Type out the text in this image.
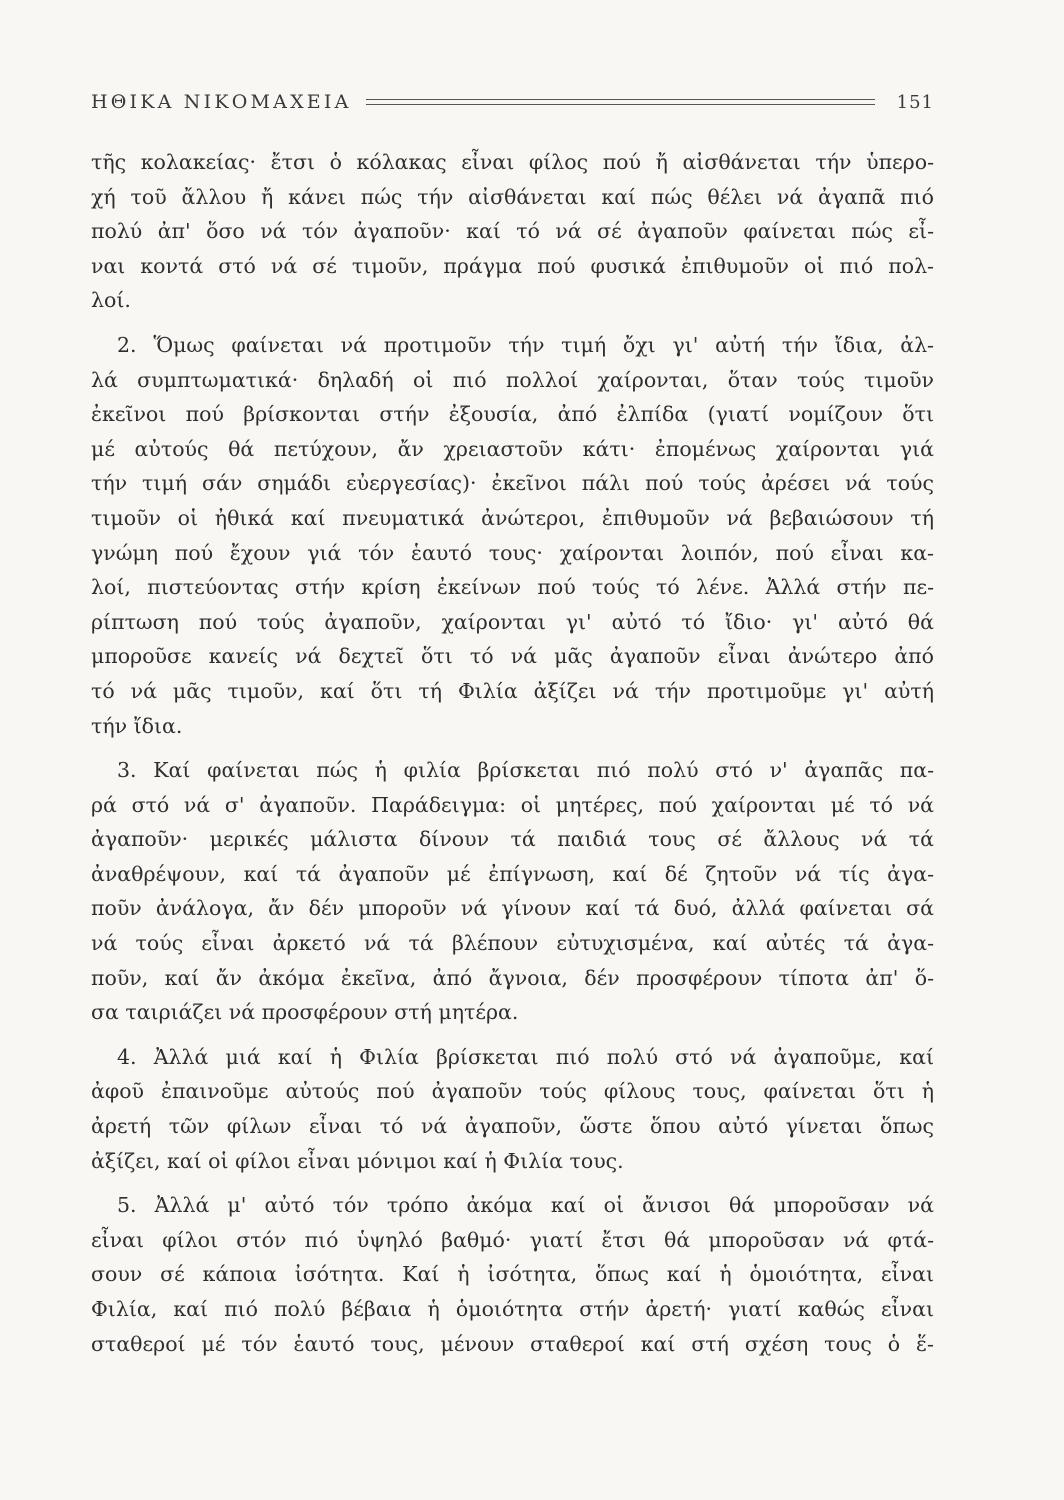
ΗΘΙΚΑ ΝΙΚΟΜΑΧΕΙΑ	151
τῆς κολακείας· ἔτσι ὁ κόλακας εἶναι φίλος πού ἤ αἰσθάνεται τήν ὑπερο-
χή τοῦ ἄλλου ἤ κάνει πώς τήν αἰσθάνεται καί πώς θέλει νά ἀγαπᾶ πιό
πολύ ἀπ' ὅσο νά τόν ἀγαποῦν· καί τό νά σέ ἀγαποῦν φαίνεται πώς εἶ-
ναι κοντά στό νά σέ τιμοῦν, πράγμα πού φυσικά ἐπιθυμοῦν οἱ πιό πολ-
λοί.
2. Ὅμως φαίνεται νά προτιμοῦν τήν τιμή ὄχι γι' αὐτή τήν ἴδια, ἀλ-
λά συμπτωματικά· δηλαδή οἱ πιό πολλοί χαίρονται, ὅταν τούς τιμοῦν
ἐκεῖνοι πού βρίσκονται στήν ἐξουσία, ἀπό ἐλπίδα (γιατί νομίζουν ὅτι
μέ αὐτούς θά πετύχουν, ἄν χρειαστοῦν κάτι· ἐπομένως χαίρονται γιά
τήν τιμή σάν σημάδι εὐεργεσίας)· ἐκεῖνοι πάλι πού τούς ἀρέσει νά τούς
τιμοῦν οἱ ἠθικά καί πνευματικά ἀνώτεροι, ἐπιθυμοῦν νά βεβαιώσουν τή
γνώμη πού ἔχουν γιά τόν ἑαυτό τους· χαίρονται λοιπόν, πού εἶναι κα-
λοί, πιστεύοντας στήν κρίση ἐκείνων πού τούς τό λένε. Ἀλλά στήν πε-
ρίπτωση πού τούς ἀγαποῦν, χαίρονται γι' αὐτό τό ἴδιο· γι' αὐτό θά
μποροῦσε κανείς νά δεχτεῖ ὅτι τό νά μᾶς ἀγαποῦν εἶναι ἀνώτερο ἀπό
τό νά μᾶς τιμοῦν, καί ὅτι τή Φιλία ἀξίζει νά τήν προτιμοῦμε γι' αὐτή
τήν ἴδια.
3. Καί φαίνεται πώς ἡ φιλία βρίσκεται πιό πολύ στό ν' ἀγαπᾶς πα-
ρά στό νά σ' ἀγαποῦν. Παράδειγμα: οἱ μητέρες, πού χαίρονται μέ τό νά
ἀγαποῦν· μερικές μάλιστα δίνουν τά παιδιά τους σέ ἄλλους νά τά
ἀναθρέψουν, καί τά ἀγαποῦν μέ ἐπίγνωση, καί δέ ζητοῦν νά τίς ἀγα-
ποῦν ἀνάλογα, ἄν δέν μποροῦν νά γίνουν καί τά δυό, ἀλλά φαίνεται σά
νά τούς εἶναι ἀρκετό νά τά βλέπουν εὐτυχισμένα, καί αὐτές τά ἀγα-
ποῦν, καί ἄν ἀκόμα ἐκεῖνα, ἀπό ἄγνοια, δέν προσφέρουν τίποτα ἀπ' ὅ-
σα ταιριάζει νά προσφέρουν στή μητέρα.
4. Ἀλλά μιά καί ἡ Φιλία βρίσκεται πιό πολύ στό νά ἀγαποῦμε, καί
ἀφοῦ ἐπαινοῦμε αὐτούς πού ἀγαποῦν τούς φίλους τους, φαίνεται ὅτι ἡ
ἀρετή τῶν φίλων εἶναι τό νά ἀγαποῦν, ὥστε ὅπου αὐτό γίνεται ὅπως
ἀξίζει, καί οἱ φίλοι εἶναι μόνιμοι καί ἡ Φιλία τους.
5. Ἀλλά μ' αὐτό τόν τρόπο ἀκόμα καί οἱ ἄνισοι θά μποροῦσαν νά
εἶναι φίλοι στόν πιό ὑψηλό βαθμό· γιατί ἔτσι θά μποροῦσαν νά φτά-
σουν σέ κάποια ἰσότητα. Καί ἡ ἰσότητα, ὅπως καί ἡ ὁμοιότητα, εἶναι
Φιλία, καί πιό πολύ βέβαια ἡ ὁμοιότητα στήν ἀρετή· γιατί καθώς εἶναι
σταθεροί μέ τόν ἑαυτό τους, μένουν σταθεροί καί στή σχέση τους ὁ ἕ-
